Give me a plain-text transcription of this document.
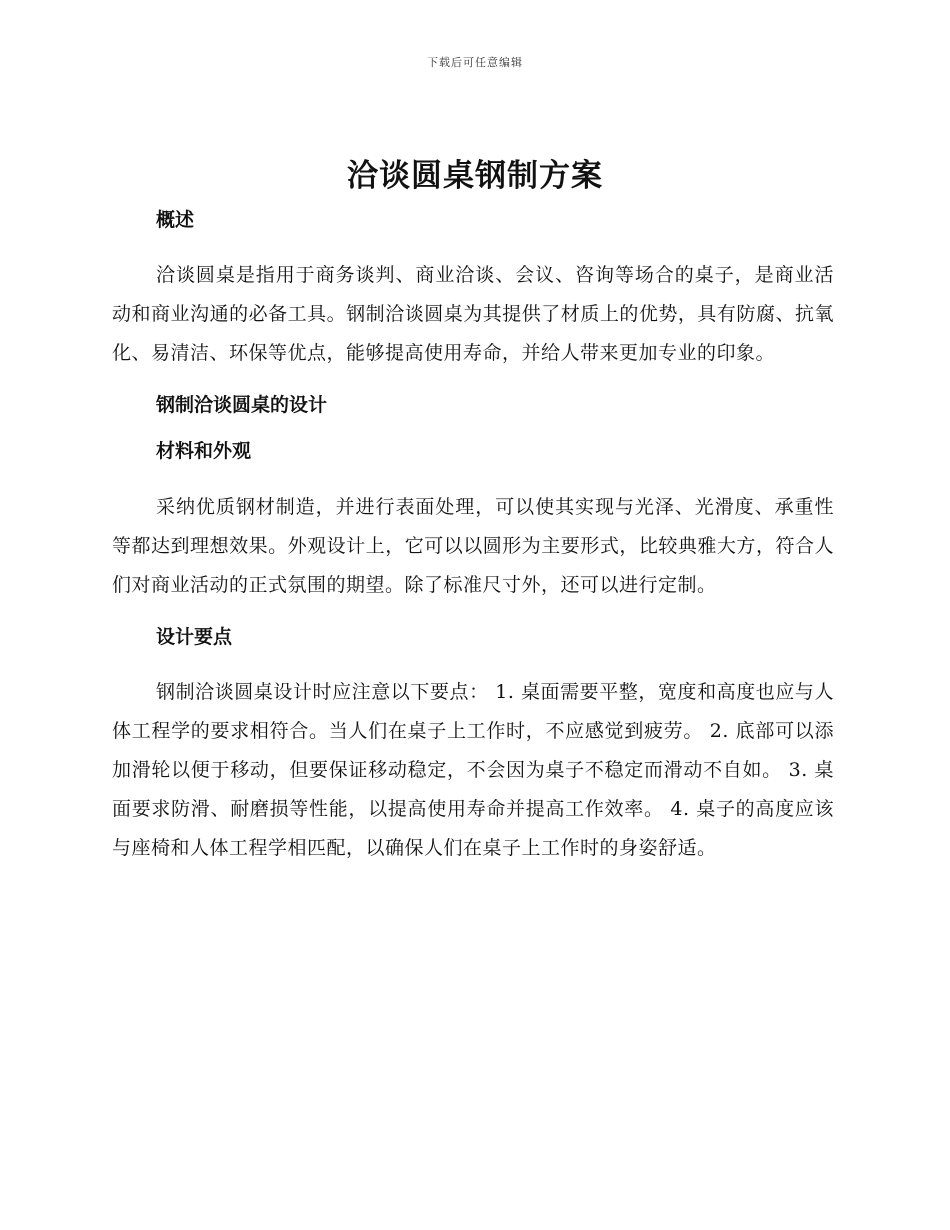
下载后可任意编辑
洽谈圆桌钢制方案
概述

洽谈圆桌是指用于商务谈判、商业洽谈、会议、咨询等场合的桌子，是商业活动和商业沟通的必备工具。钢制洽谈圆桌为其提供了材质上的优势，具有防腐、抗氧化、易清洁、环保等优点，能够提高使用寿命，并给人带来更加专业的印象。

钢制洽谈圆桌的设计
材料和外观

采纳优质钢材制造，并进行表面处理，可以使其实现与光泽、光滑度、承重性等都达到理想效果。外观设计上，它可以以圆形为主要形式，比较典雅大方，符合人们对商业活动的正式氛围的期望。除了标准尺寸外，还可以进行定制。

设计要点

钢制洽谈圆桌设计时应注意以下要点： 1. 桌面需要平整，宽度和高度也应与人体工程学的要求相符合。当人们在桌子上工作时，不应感觉到疲劳。 2. 底部可以添加滑轮以便于移动，但要保证移动稳定，不会因为桌子不稳定而滑动不自如。 3. 桌面要求防滑、耐磨损等性能，以提高使用寿命并提高工作效率。 4. 桌子的高度应该与座椅和人体工程学相匹配，以确保人们在桌子上工作时的身姿舒适。
